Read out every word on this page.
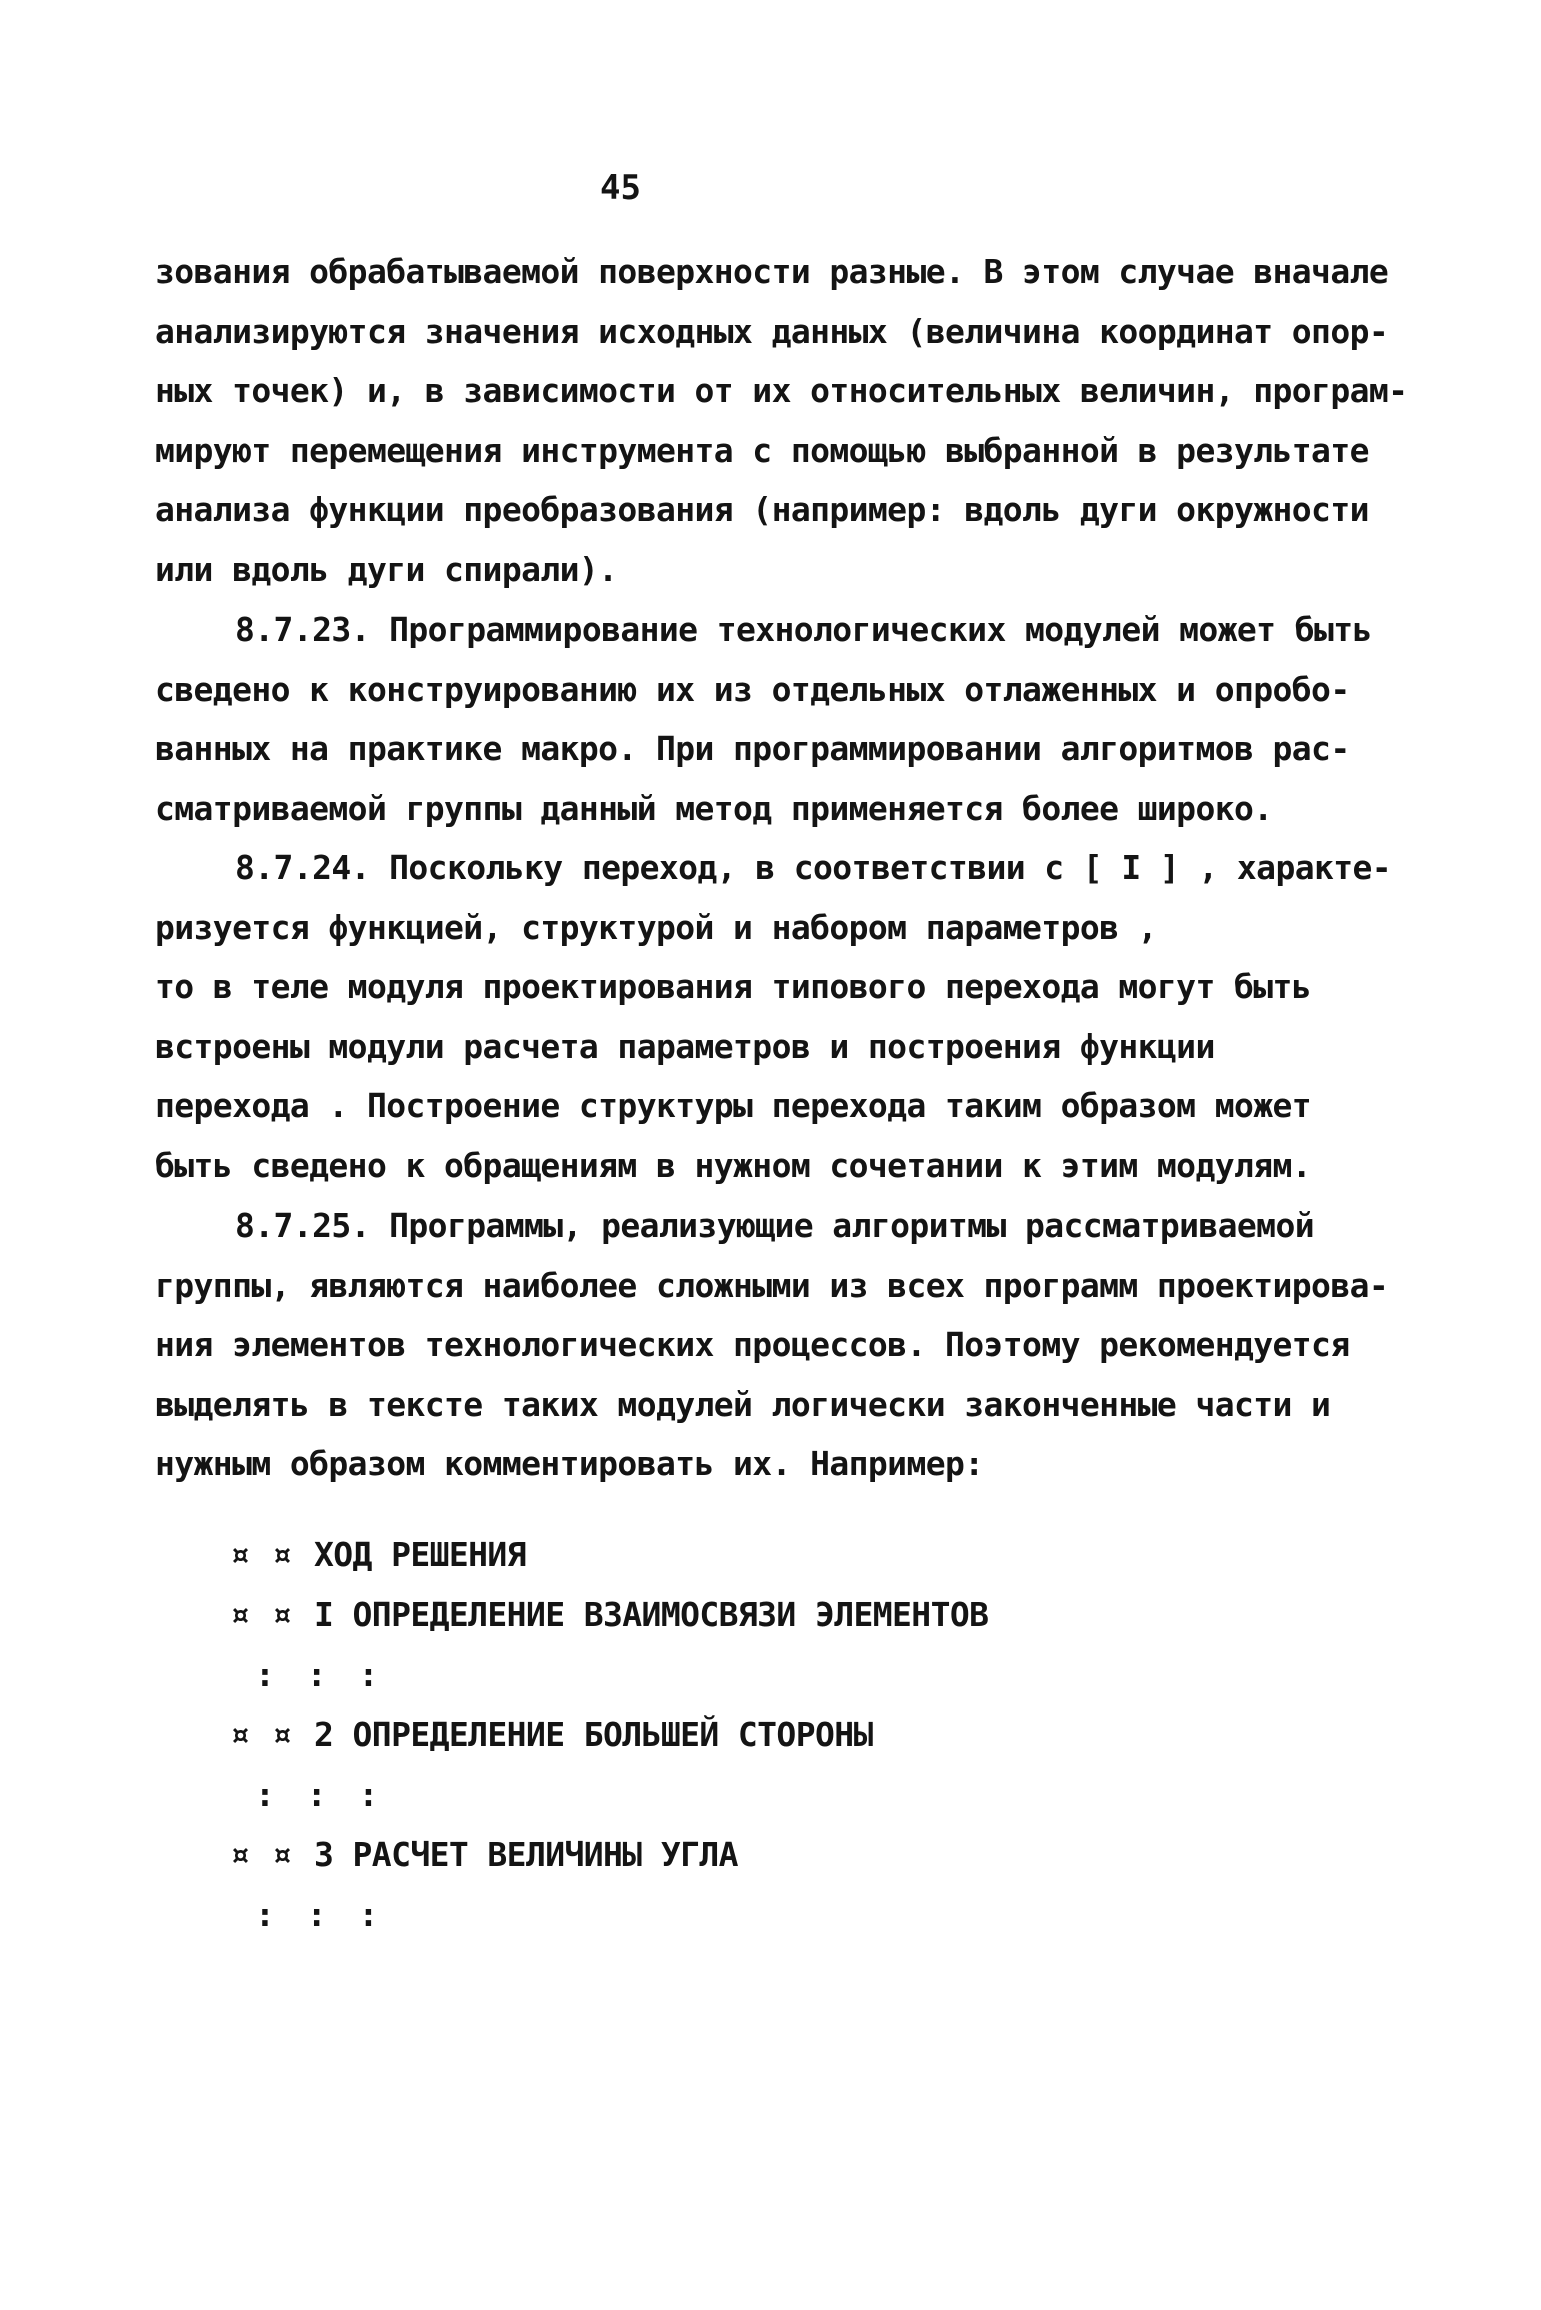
45
зования обрабатываемой поверхности разные. В этом случае вначале
анализируются значения исходных данных (величина координат опор-
ных точек) и, в зависимости от их относительных величин, програм-
мируют перемещения инструмента с помощью выбранной в результате
анализа функции преобразования (например: вдоль дуги окружности
или вдоль дуги спирали).
8.7.23. Программирование технологических модулей может быть
сведено к конструированию их из отдельных отлаженных и опробо-
ванных на практике макро. При программировании алгоритмов рас-
сматриваемой группы данный метод применяется более широко.
8.7.24. Поскольку переход, в соответствии с [ I ] , характе-
ризуется функцией, структурой и набором параметров ,
то в теле модуля проектирования типового перехода могут быть
встроены модули расчета параметров и построения функции
перехода . Построение структуры перехода таким образом может
быть сведено к обращениям в нужном сочетании к этим модулям.
8.7.25. Программы, реализующие алгоритмы рассматриваемой
группы, являются наиболее сложными из всех программ проектирова-
ния элементов технологических процессов. Поэтому рекомендуется
выделять в тексте таких модулей логически законченные части и
нужным образом комментировать их. Например:
¤ ¤ ХОД РЕШЕНИЯ
¤ ¤ I ОПРЕДЕЛЕНИЕ ВЗАИМОСВЯЗИ ЭЛЕМЕНТОВ
: : :
¤ ¤ 2 ОПРЕДЕЛЕНИЕ БОЛЬШЕЙ СТОРОНЫ
: : :
¤ ¤ 3 РАСЧЕТ ВЕЛИЧИНЫ УГЛА
: : :
